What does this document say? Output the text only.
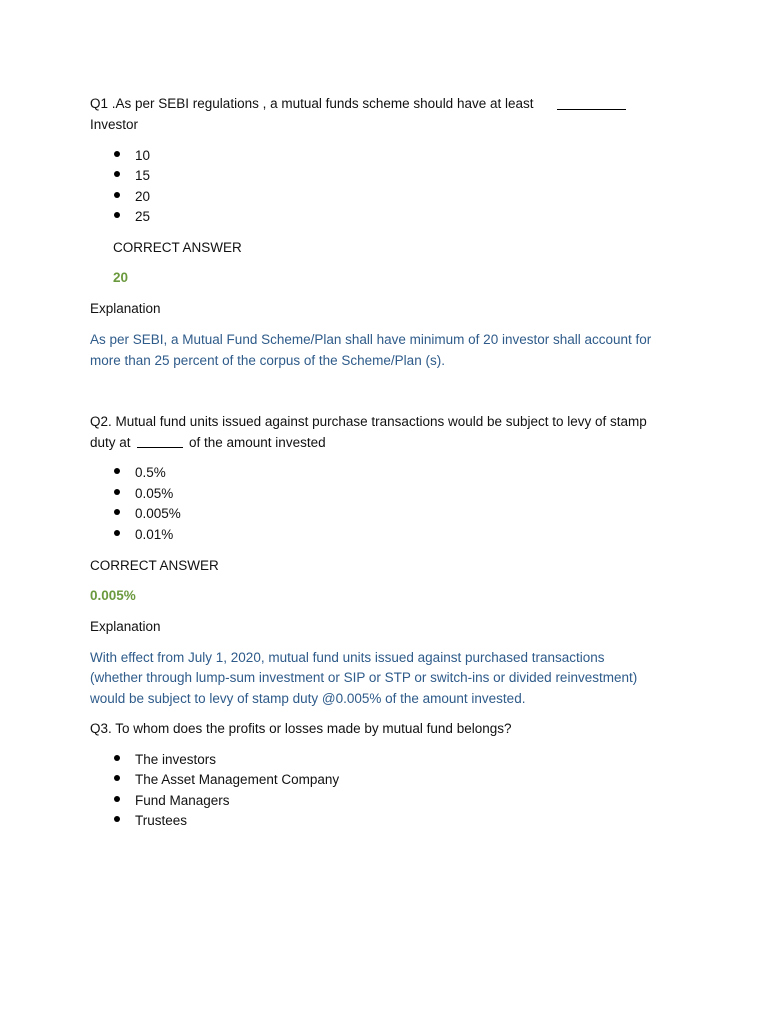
Q1 .As per SEBI regulations , a mutual funds scheme should have at least
Investor
10
15
20
25
CORRECT ANSWER
20
Explanation
As per SEBI, a Mutual Fund Scheme/Plan shall have minimum of 20 investor shall account for
more than 25 percent of the corpus of the Scheme/Plan (s).
Q2. Mutual fund units issued against purchase transactions would be subject to levy of stamp
duty at	of the amount invested
0.5%
0.05%
0.005%
0.01%
CORRECT ANSWER
0.005%
Explanation
With effect from July 1, 2020, mutual fund units issued against purchased transactions
(whether through lump-sum investment or SIP or STP or switch-ins or divided reinvestment)
would be subject to levy of stamp duty @0.005% of the amount invested.
Q3. To whom does the profits or losses made by mutual fund belongs?
The investors
The Asset Management Company
Fund Managers
Trustees
